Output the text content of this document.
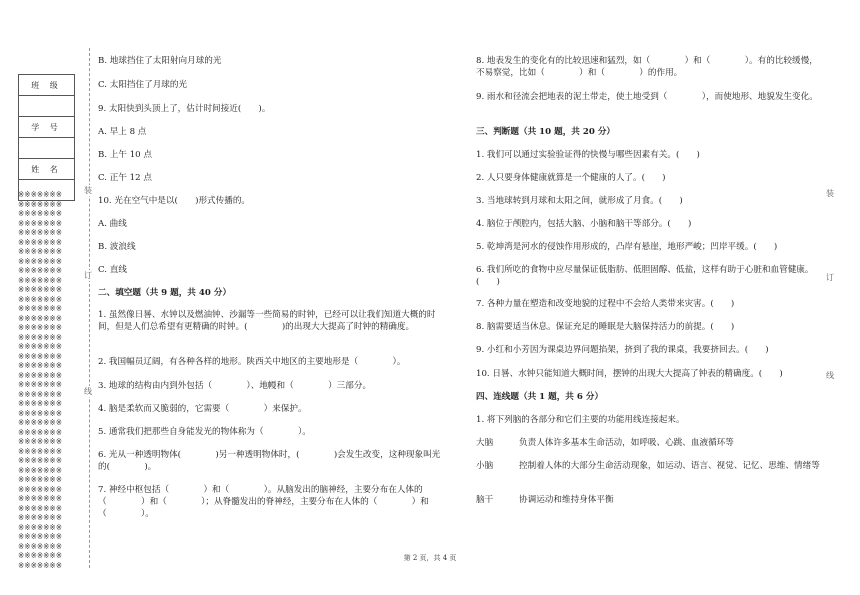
班 级

学 号

姓 名

※※※※※※※
※※※※※※※
※※※※※※※
※※※※※※※
※※※※※※※
※※※※※※※
※※※※※※※
※※※※※※※
※※※※※※※
※※※※※※※
※※※※※※※
※※※※※※※
※※※※※※※
※※※※※※※
※※※※※※※
※※※※※※※
※※※※※※※
※※※※※※※
※※※※※※※
※※※※※※※
※※※※※※※
※※※※※※※
※※※※※※※
※※※※※※※
※※※※※※※
※※※※※※※
※※※※※※※
※※※※※※※
※※※※※※※
※※※※※※※
※※※※※※※
※※※※※※※
※※※※※※※
※※※※※※※
※※※※※※※
※※※※※※※
※※※※※※※
※※※※※※※
※※※※※※※
※※※※※※※
装
订
线
装
订
线

B. 地球挡住了太阳射向月球的光

C. 太阳挡住了月球的光

9. 太阳快到头顶上了，估计时间接近(　　)。

A. 早上 8 点

B. 上午 10 点

C. 正午 12 点

10. 光在空气中是以(　　)形式传播的。

A. 曲线

B. 波浪线

C. 直线

二、填空题（共 9 题，共 40 分）

1. 虽然像日晷、水钟以及燃油钟、沙漏等一些简易的时钟，已经可以让我们知道大概的时间，但是人们总希望有更精确的时钟。(　　　　)的出现大大提高了时钟的精确度。

2. 我国幅员辽阔，有各种各样的地形。陕西关中地区的主要地形是（　　　　）。

3. 地球的结构由内到外包括（　　　　）、地幔和（　　　　）三部分。

4. 脑是柔软而又脆弱的，它需要（　　　　）来保护。

5. 通常我们把那些自身能发光的物体称为（　　　　）。

6. 光从一种透明物体(　　　　)另一种透明物体时，(　　　　)会发生改变，这种现象叫光的(　　　　)。

7. 神经中枢包括（　　　　）和（　　　　）。从脑发出的脑神经，主要分布在人体的（　　　　）和（　　　　）；从脊髓发出的脊神经，主要分布在人体的（　　　　）和（　　　　）。

8. 地表发生的变化有的比较迅速和猛烈，如（　　　　）和（　　　　）。有的比较缓慢，不易察觉，比如（　　　　）和（　　　　）的作用。

9. 雨水和径流会把地表的泥土带走，使土地受到（　　　　），而使地形、地貌发生变化。

三、判断题（共 10 题，共 20 分）

1. 我们可以通过实验验证得的快慢与哪些因素有关。(　　)

2. 人只要身体健康就算是一个健康的人了。(　　)

3. 当地球转到月球和太阳之间，就形成了月食。(　　)

4. 脑位于颅腔内，包括大脑、小脑和脑干等部分。(　　)

5. 乾坤湾是河水的侵蚀作用形成的，凸岸有悬崖，地形严峻；凹岸平缓。(　　)

6. 我们所吃的食物中应尽量保证低脂肪、低胆固醇、低盐，这样有助于心脏和血管健康。(　　)

7. 各种力量在塑造和改变地貌的过程中不会给人类带来灾害。(　　)

8. 脑需要适当休息。保证充足的睡眠是大脑保持活力的前提。(　　)

9. 小红和小芳因为课桌边界问题掐架，挤到了我的课桌，我要挤回去。(　　)

10. 日晷、水钟只能知道大概时间，摆钟的出现大大提高了钟表的精确度。(　　)

四、连线题（共 1 题，共 6 分）

1. 将下列脑的各部分和它们主要的功能用线连接起来。

大脑	负责人体许多基本生命活动，如呼吸、心跳、血液循环等
小脑	控制着人体的大部分生命活动现象，如运动、语言、视觉、记忆、思维、情绪等
脑干	协调运动和维持身体平衡
第 2 页，共 4 页
